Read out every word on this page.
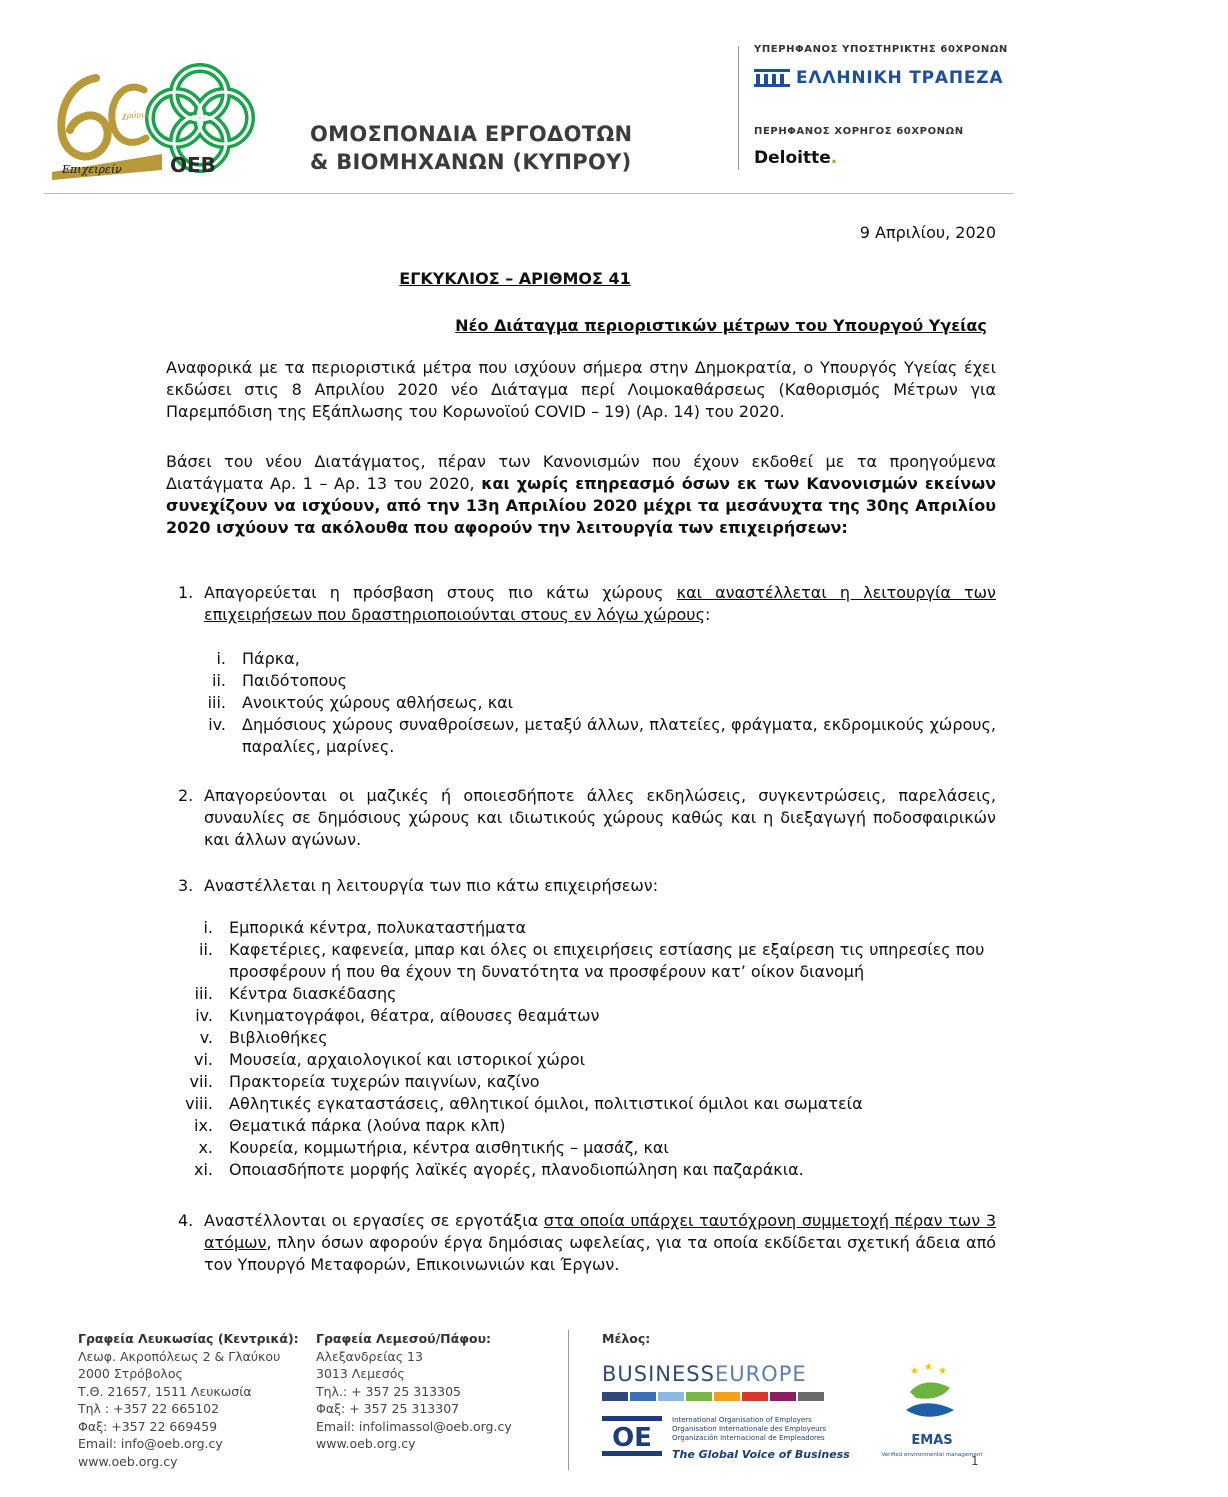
Επιχειρείν
χρόνια
OEB
ΟΜΟΣΠΟΝΔΙΑ ΕΡΓΟΔΟΤΩΝ
& ΒΙΟΜΗΧΑΝΩΝ (ΚΥΠΡΟΥ)
ΥΠΕΡΗΦΑΝΟΣ ΥΠΟΣΤΗΡΙΚΤΗΣ 60ΧΡΟΝΩΝ
ΕΛΛΗΝΙΚΗ ΤΡΑΠΕΖΑ
ΠΕΡΗΦΑΝΟΣ ΧΟΡΗΓΟΣ 60ΧΡΟΝΩΝ
Deloitte.
9 Απριλίου, 2020
ΕΓΚΥΚΛΙΟΣ – ΑΡΙΘΜΟΣ 41
Νέο Διάταγμα περιοριστικών μέτρων του Υπουργού Υγείας
Αναφορικά με τα περιοριστικά μέτρα που ισχύουν σήμερα στην Δημοκρατία, ο Υπουργός Υγείας έχει εκδώσει στις 8 Απριλίου 2020 νέο Διάταγμα περί Λοιμοκαθάρσεως (Καθορισμός Μέτρων για Παρεμπόδιση της Εξάπλωσης του Κορωνοϊού COVID – 19) (Αρ. 14) του 2020.
Βάσει του νέου Διατάγματος, πέραν των Κανονισμών που έχουν εκδοθεί με τα προηγούμενα Διατάγματα Αρ. 1 – Αρ. 13 του 2020, και χωρίς επηρεασμό όσων εκ των Κανονισμών εκείνων συνεχίζουν να ισχύουν, από την 13η Απριλίου 2020 μέχρι τα μεσάνυχτα της 30ης Απριλίου 2020 ισχύουν τα ακόλουθα που αφορούν την λειτουργία των επιχειρήσεων:
1. Απαγορεύεται η πρόσβαση στους πιο κάτω χώρους και αναστέλλεται η λειτουργία των επιχειρήσεων που δραστηριοποιούνται στους εν λόγω χώρους:
i. Πάρκα,
ii. Παιδότοπους
iii. Ανοικτούς χώρους αθλήσεως, και
iv. Δημόσιους χώρους συναθροίσεων, μεταξύ άλλων, πλατείες, φράγματα, εκδρομικούς χώρους, παραλίες, μαρίνες.
2. Απαγορεύονται οι μαζικές ή οποιεσδήποτε άλλες εκδηλώσεις, συγκεντρώσεις, παρελάσεις, συναυλίες σε δημόσιους χώρους και ιδιωτικούς χώρους καθώς και η διεξαγωγή ποδοσφαιρικών και άλλων αγώνων.
3. Αναστέλλεται η λειτουργία των πιο κάτω επιχειρήσεων:
i. Εμπορικά κέντρα, πολυκαταστήματα
ii. Καφετέριες, καφενεία, μπαρ και όλες οι επιχειρήσεις εστίασης με εξαίρεση τις υπηρεσίες που προσφέρουν ή που θα έχουν τη δυνατότητα να προσφέρουν κατ’ οίκον διανομή
iii. Κέντρα διασκέδασης
iv. Κινηματογράφοι, θέατρα, αίθουσες θεαμάτων
v. Βιβλιοθήκες
vi. Μουσεία, αρχαιολογικοί και ιστορικοί χώροι
vii. Πρακτορεία τυχερών παιγνίων, καζίνο
viii. Αθλητικές εγκαταστάσεις, αθλητικοί όμιλοι, πολιτιστικοί όμιλοι και σωματεία
ix. Θεματικά πάρκα (λούνα παρκ κλπ)
x. Κουρεία, κομμωτήρια, κέντρα αισθητικής – μασάζ, και
xi. Οποιασδήποτε μορφής λαϊκές αγορές, πλανοδιοπώληση και παζαράκια.
4. Αναστέλλονται οι εργασίες σε εργοτάξια στα οποία υπάρχει ταυτόχρονη συμμετοχή πέραν των 3 ατόμων, πλην όσων αφορούν έργα δημόσιας ωφελείας, για τα οποία εκδίδεται σχετική άδεια από τον Υπουργό Μεταφορών, Επικοινωνιών και Έργων.
Γραφεία Λευκωσίας (Κεντρικά):
Λεωφ. Ακροπόλεως 2 & Γλαύκου
2000 Στρόβολος
Τ.Θ. 21657, 1511 Λευκωσία
Τηλ : +357 22 665102
Φαξ: +357 22 669459
Email: info@oeb.org.cy
www.oeb.org.cy
Γραφεία Λεμεσού/Πάφου:
Αλεξανδρείας 13
3013 Λεμεσός
Τηλ.: + 357 25 313305
Φαξ: + 357 25 313307
Email: infolimassol@oeb.org.cy
www.oeb.org.cy
Μέλος:
BUSINESSEUROPE
OE
International Organisation of Employers
Organisation Internationale des Employeurs
Organización Internacional de Empleadores
The Global Voice of Business
★ ★ ★
EMAS
Verified environmental management
1
